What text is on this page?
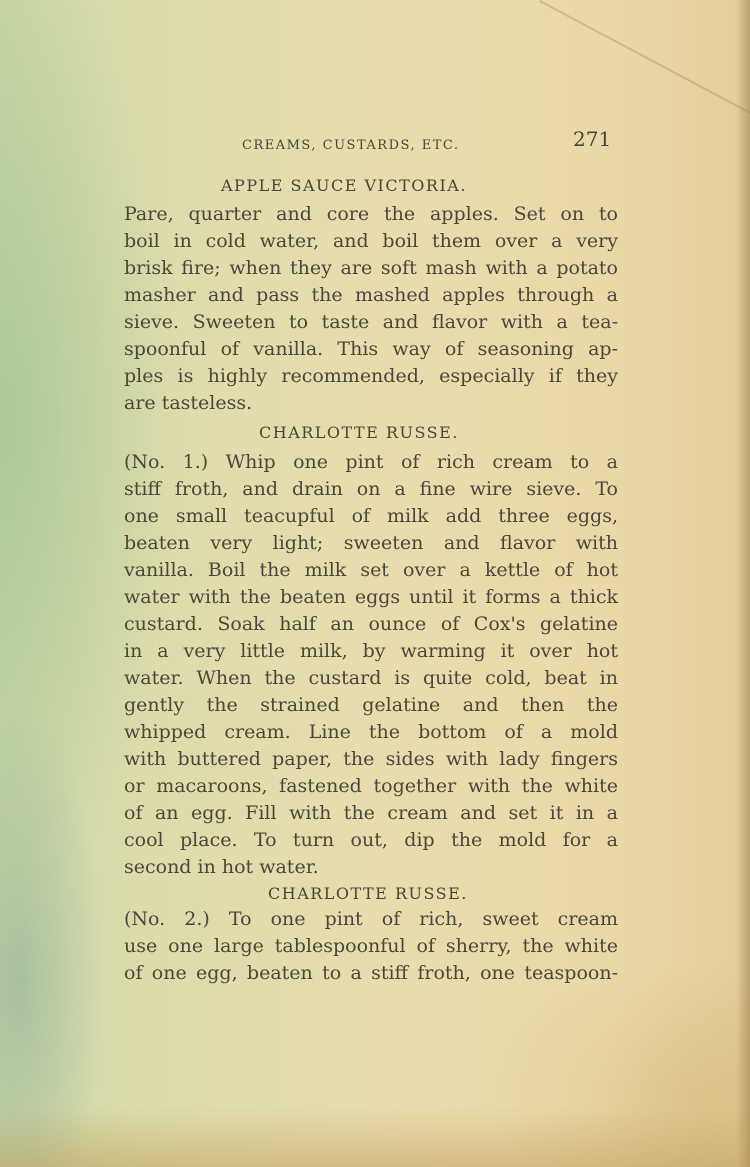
CREAMS, CUSTARDS, ETC.	271
APPLE SAUCE VICTORIA.
Pare, quarter and core the apples. Set on to
boil in cold water, and boil them over a very
brisk fire; when they are soft mash with a potato
masher and pass the mashed apples through a
sieve. Sweeten to taste and flavor with a tea-
spoonful of vanilla. This way of seasoning ap-
ples is highly recommended, especially if they
are tasteless.
CHARLOTTE RUSSE.
(No. 1.) Whip one pint of rich cream to a
stiff froth, and drain on a fine wire sieve. To
one small teacupful of milk add three eggs,
beaten very light; sweeten and flavor with
vanilla. Boil the milk set over a kettle of hot
water with the beaten eggs until it forms a thick
custard. Soak half an ounce of Cox's gelatine
in a very little milk, by warming it over hot
water. When the custard is quite cold, beat in
gently the strained gelatine and then the
whipped cream. Line the bottom of a mold
with buttered paper, the sides with lady fingers
or macaroons, fastened together with the white
of an egg. Fill with the cream and set it in a
cool place. To turn out, dip the mold for a
second in hot water.
CHARLOTTE RUSSE.
(No. 2.) To one pint of rich, sweet cream
use one large tablespoonful of sherry, the white
of one egg, beaten to a stiff froth, one teaspoon-
